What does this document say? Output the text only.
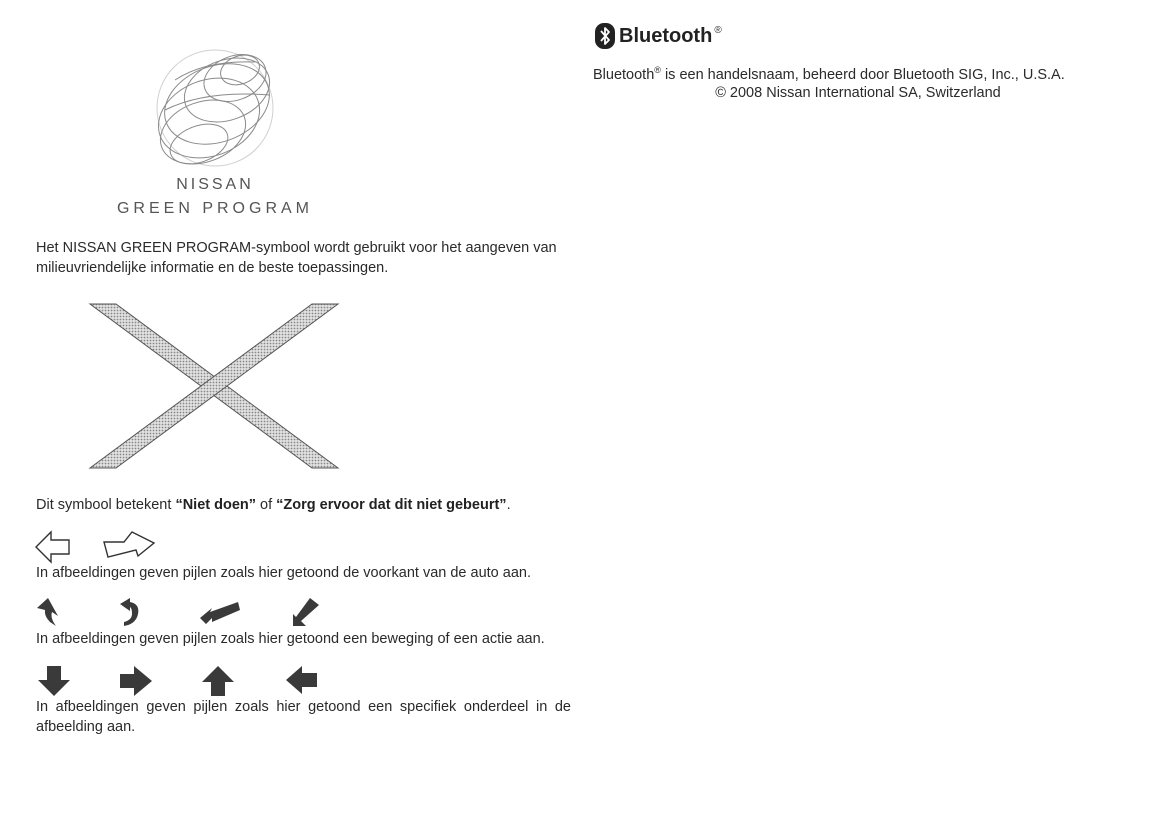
NISSAN
GREEN PROGRAM
Het NISSAN GREEN PROGRAM-symbool wordt gebruikt voor het aangeven van milieuvriendelijke informatie en de beste toepassingen.
Dit symbool betekent “Niet doen” of “Zorg ervoor dat dit niet gebeurt”.
In afbeeldingen geven pijlen zoals hier getoond de voorkant van de auto aan.
In afbeeldingen geven pijlen zoals hier getoond een beweging of een actie aan.
In afbeeldingen geven pijlen zoals hier getoond een specifiek onderdeel in de afbeelding aan.
Bluetooth ®
Bluetooth® is een handelsnaam, beheerd door Bluetooth SIG, Inc., U.S.A.
© 2008 Nissan International SA, Switzerland
